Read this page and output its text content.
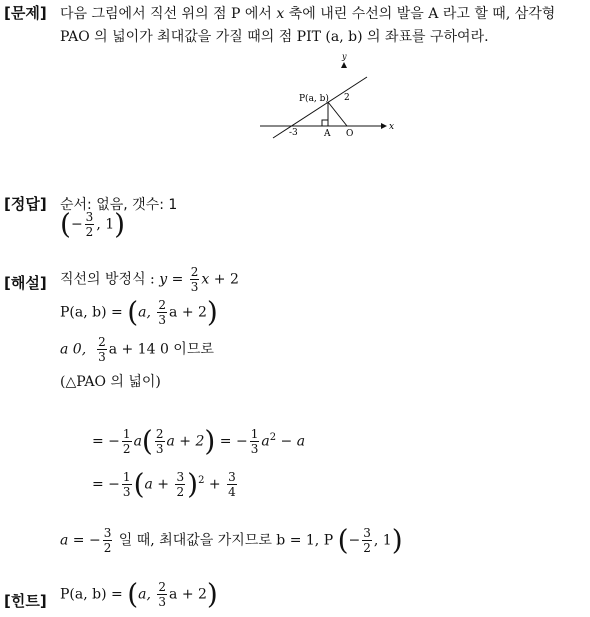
[문제] 다음 그림에서 직선 위의 점 P 에서 x 축에 내린 수선의 발을 A 라고 할 때, 삼각형
PAO 의 넓이가 최대값을 가질 때의 점 PIT (a, b) 의 좌표를 구하여라.
y
x
P(a, b) 2
-3	A O
[정답] 순서: 없음, 갯수: 1
(− $\frac{3}{2}$ , 1)
[해설] 직선의 방정식 : $y = \frac{2}{3}$ x + 2
P(a, b) = (a, $\frac{2}{3}$ a + 2)
a 0, $\frac{2}{3}$ a + 14 0 이므로
(△PAO 의 넓이)
= − $\frac{1}{2} a( \frac{2}{3}$ a + 2) = − $\frac{1}{3} a^2 - a$
= − $\frac{1}{3} (a + \frac{3}{2} )^2 + \frac{3}{4}$
a = − $\frac{3}{2}$ 일 때, 최대값을 가지므로 b = 1, P (− $\frac{3}{2}$ , 1)
[힌트] P(a, b) = (a, $\frac{2}{3}$ a + 2)
